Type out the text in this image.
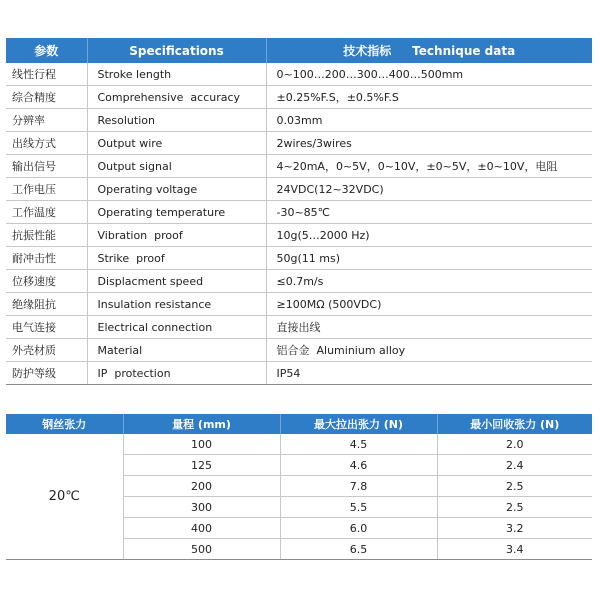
参数	Specifications	技术指标     Technique data
线性行程	Stroke length	0~100…200…300…400…500mm
综合精度	Comprehensive  accuracy	±0.25%F.S，±0.5%F.S
分辨率	Resolution	0.03mm
出线方式	Output wire	2wires/3wires
输出信号	Output signal	4~20mA，0~5V，0~10V，±0~5V，±0~10V，电阻
工作电压	Operating voltage	24VDC(12~32VDC)
工作温度	Operating temperature	-30~85℃
抗振性能	Vibration  proof	10g(5…2000 Hz)
耐冲击性	Strike  proof	50g(11 ms)
位移速度	Displacment speed	≤0.7m/s
绝缘阻抗	Insulation resistance	≥100MΩ (500VDC)
电气连接	Electrical connection	直接出线
外壳材质	Material	铝合金  Aluminium alloy
防护等级	IP  protection	IP54
钢丝张力	量程 (mm)	最大拉出张力 (N)	最小回收张力 (N)
20℃	100	4.5	2.0
	125	4.6	2.4
	200	7.8	2.5
	300	5.5	2.5
	400	6.0	3.2
	500	6.5	3.4
